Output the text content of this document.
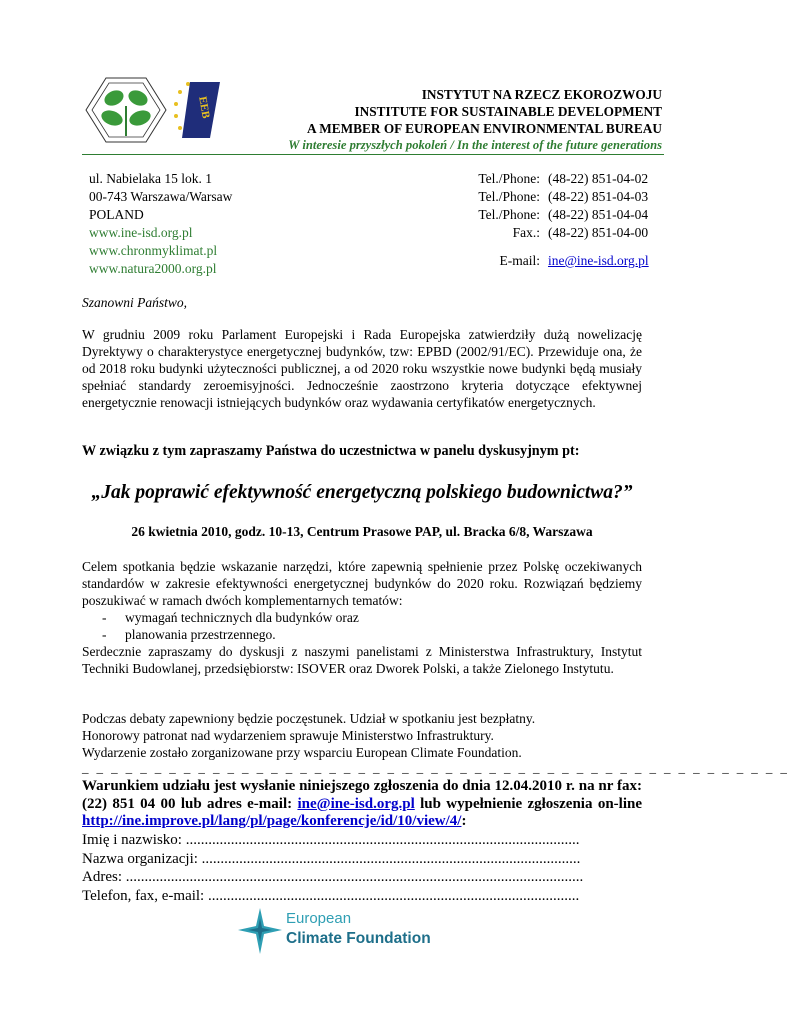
EEB
INSTYTUT NA RZECZ EKOROZWOJU
INSTITUTE FOR SUSTAINABLE DEVELOPMENT
A MEMBER OF EUROPEAN ENVIRONMENTAL BUREAU
W interesie przyszłych pokoleń / In the interest of the future generations
ul. Nabielaka 15 lok. 1
00-743 Warszawa/Warsaw
POLAND
www.ine-isd.org.pl
www.chronmyklimat.pl
www.natura2000.org.pl
Tel./Phone: (48-22) 851-04-02
Tel./Phone: (48-22) 851-04-03
Tel./Phone: (48-22) 851-04-04
Fax.: (48-22) 851-04-00
E-mail: ine@ine-isd.org.pl
Szanowni Państwo,
W grudniu 2009 roku Parlament Europejski i Rada Europejska zatwierdziły dużą nowelizację Dyrektywy o charakterystyce energetycznej budynków, tzw: EPBD (2002/91/EC). Przewiduje ona, że od 2018 roku budynki użyteczności publicznej, a od 2020 roku wszystkie nowe budynki będą musiały spełniać standardy zeroemisyjności. Jednocześnie zaostrzono kryteria dotyczące efektywnej energetycznie renowacji istniejących budynków oraz wydawania certyfikatów energetycznych.
W związku z tym zapraszamy Państwa do uczestnictwa w panelu dyskusyjnym pt:
„Jak poprawić efektywność energetyczną polskiego budownictwa?”
26 kwietnia 2010, godz. 10-13, Centrum Prasowe PAP, ul. Bracka 6/8, Warszawa
Celem spotkania będzie wskazanie narzędzi, które zapewnią spełnienie przez Polskę oczekiwanych standardów w zakresie efektywności energetycznej budynków do 2020 roku. Rozwiązań będziemy poszukiwać w ramach dwóch komplementarnych tematów:
- wymagań technicznych dla budynków oraz
- planowania przestrzennego.
Serdecznie zapraszamy do dyskusji z naszymi panelistami z Ministerstwa Infrastruktury, Instytut Techniki Budowlanej, przedsiębiorstw: ISOVER oraz Dworek Polski, a także Zielonego Instytutu.
Podczas debaty zapewniony będzie poczęstunek. Udział w spotkaniu jest bezpłatny.
Honorowy patronat nad wydarzeniem sprawuje Ministerstwo Infrastruktury.
Wydarzenie zostało zorganizowane przy wsparciu European Climate Foundation.
_ _ _ _ _ _ _ _ _ _ _ _ _ _ _ _ _ _ _ _ _ _ _ _ _ _ _ _ _ _ _ _ _ _ _ _ _ _ _ _ _ _ _ _ _ _ _ _ _
Warunkiem udziału jest wysłanie niniejszego zgłoszenia do dnia 12.04.2010 r. na nr fax: (22) 851 04 00 lub adres e-mail: ine@ine-isd.org.pl lub wypełnienie zgłoszenia on-line http://ine.improve.pl/lang/pl/page/konferencje/id/10/view/4/:
Imię i nazwisko: .........................................................................................................
Nazwa organizacji: .....................................................................................................
Adres: ..........................................................................................................................
Telefon, fax, e-mail: ...................................................................................................
European
Climate Foundation
